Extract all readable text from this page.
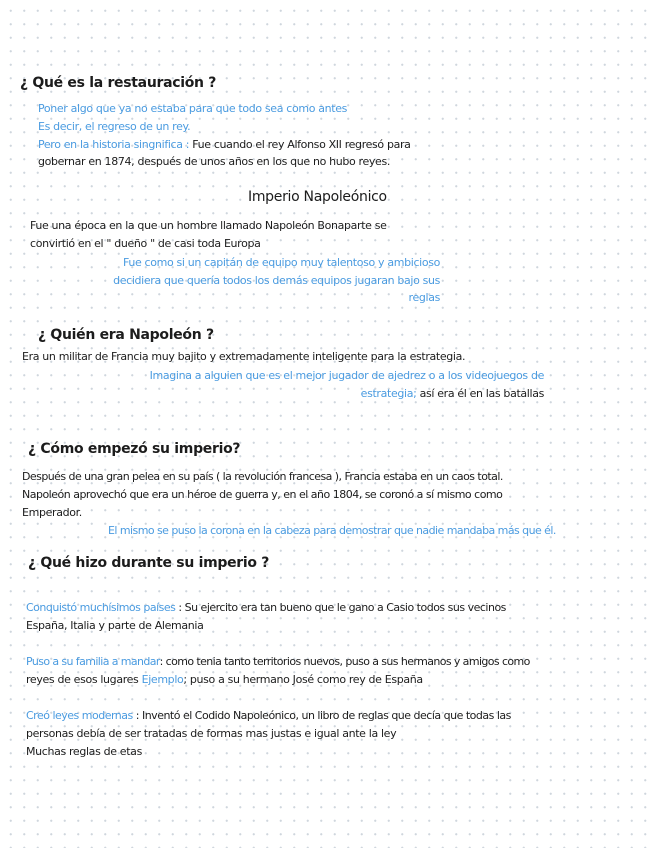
¿ Qué es la restauración ?
Poner algo que ya no estaba para que todo sea como antes
Es decir, el regreso de un rey.
Pero en la historia singnifica : Fue cuando el rey Alfonso XII regresó para
gobernar en 1874, después de unos años en los que no hubo reyes.
Imperio Napoleónico
Fue una época en la que un hombre llamado Napoleón Bonaparte se
convirtió en el " dueño " de casi toda Europa
Fue como si un capitán de equipo muy talentoso y ambicioso
decidiera que quería todos los demás equipos jugaran bajo sus
reglas
¿ Quién era Napoleón ?
Era un militar de Francia muy bajito y extremadamente inteligente para la estrategia.
Imagina a alguien que es el mejor jugador de ajedrez o a los videojuegos de
estrategia; así era él en las batallas
¿ Cómo empezó su imperio?
Después de una gran pelea en su país ( la revolución francesa ), Francia estaba en un caos total.
Napoleón aprovechó que era un héroe de guerra y, en el año 1804, se coronó a sí mismo como
Emperador.
El mismo se puso la corona en la cabeza para demostrar que nadie mandaba más que él.
¿ Qué hizo durante su imperio ?
Conquistó muchísimos países : Su ejercito era tan bueno que le gano a Casio todos sus vecinos
España, Italia y parte de Alemania
Puso a su familia a mandar: como tenia tanto territorios nuevos, puso a sus hermanos y amigos como
reyes de esos lugares Ejemplo; puso a su hermano José como rey de España
Creó leyes modernas : Inventó el Codido Napoleónico, un libro de reglas que decía que todas las
personas debía de ser tratadas de formas mas justas e igual ante la ley
Muchas reglas de etas
